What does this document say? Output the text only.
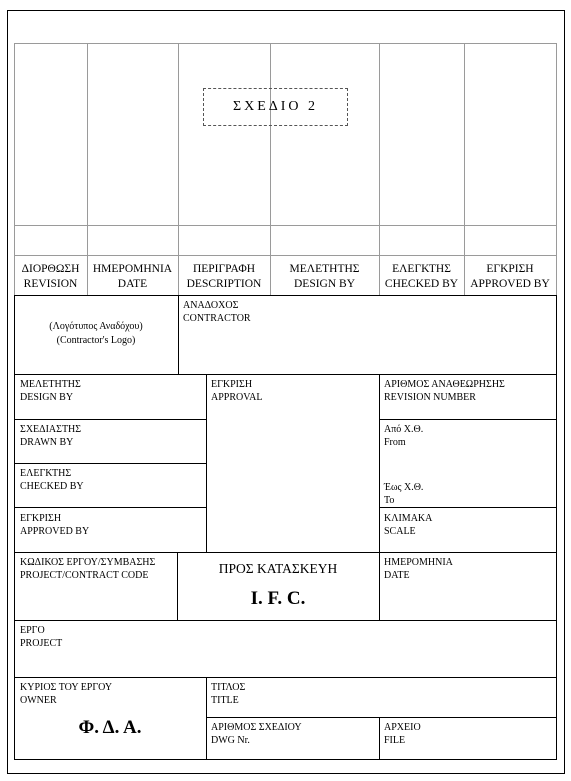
ΔΙΟΡΘΩΣΗ
REVISION
ΗΜΕΡΟΜΗΝΙΑ
DATE
ΠΕΡΙΓΡΑΦΗ
DESCRIPTION
ΜΕΛΕΤΗΤΗΣ
DESIGN BY
ΕΛΕΓΚΤΗΣ
CHECKED BY
ΕΓΚΡΙΣΗ
APPROVED BY
ΣΧΕΔΙΟ 2
(Λογότυπος Αναδόχου)
(Contractor's Logo)
ΑΝΑΔΟΧΟΣ
CONTRACTOR
ΜΕΛΕΤΗΤΗΣ
DESIGN BY
ΣΧΕΔΙΑΣΤΗΣ
DRAWN BY
ΕΛΕΓΚΤΗΣ
CHECKED BY
ΕΓΚΡΙΣΗ
APPROVED BY
ΕΓΚΡΙΣΗ
APPROVAL
ΑΡΙΘΜΟΣ ΑΝΑΘΕΩΡΗΣΗΣ
REVISION NUMBER
Από Χ.Θ.
From
Έως Χ.Θ.
To
ΚΛΙΜΑΚΑ
SCALE
ΚΩΔΙΚΟΣ ΕΡΓΟΥ/ΣΥΜΒΑΣΗΣ
PROJECT/CONTRACT CODE	ΠΡΟΣ ΚΑΤΑΣΚΕΥΗ
I. F. C.
ΗΜΕΡΟΜΗΝΙΑ
DATE
ΕΡΓΟ
PROJECT
ΚΥΡΙΟΣ ΤΟΥ ΕΡΓΟΥ
OWNER
Φ. Δ. Α.
ΤΙΤΛΟΣ
TITLE
ΑΡΙΘΜΟΣ ΣΧΕΔΙΟΥ
DWG Nr.
ΑΡΧΕΙΟ
FILE
